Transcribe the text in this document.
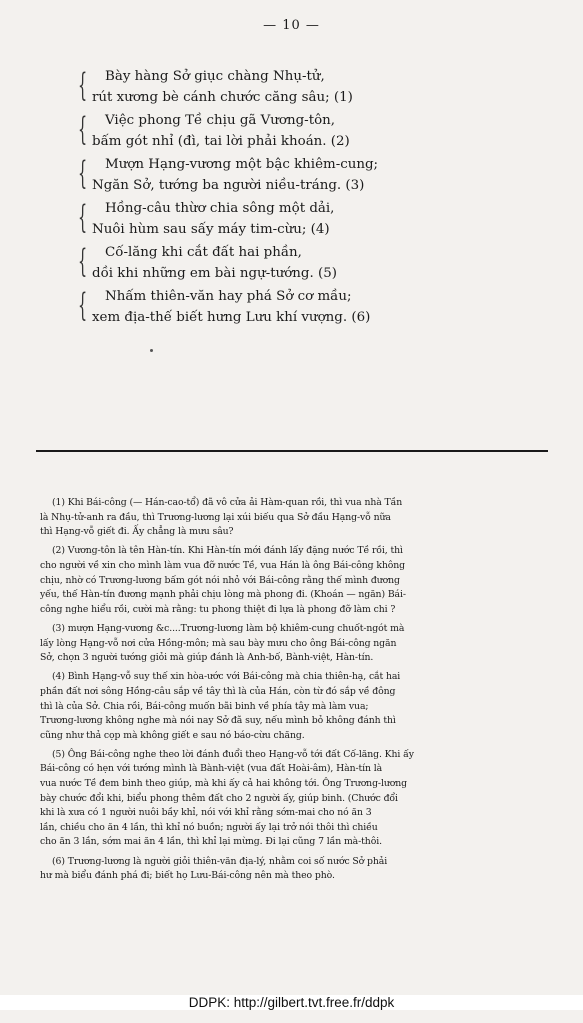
— 10 —
{	Bày hàng Sở giục chàng Nhụ-tử,
rút xương bè cánh chước căng sâu; (1)
{	Việc phong Tề chịu gã Vương-tôn,
bấm gót nhỉ (đì, tai lời phải khoán. (2)
{	Mượn Hạng-vương một bậc khiêm-cung;
Ngăn Sở, tướng ba người niều-tráng. (3)
{	Hồng-câu thừơ chia sông một dải,
Nuôi hùm sau sấy máy tim-cừu; (4)
{	Cố-lăng khi cắt đất hai phần,
dồi khi những em bài ngự-tướng. (5)
{	Nhấm thiên-văn hay phá Sở cơ mầu;
xem địa-thế biết hưng Lưu khí vượng. (6)
(1) Khi Bái-công (— Hán-cao-tổ) đã vô cửa ải Hàm-quan rồi, thì vua nhà Tần
là Nhụ-tử-anh ra đầu, thì Trương-lương lại xúi biếu qua Sở đầu Hạng-vỗ nữa
thì Hạng-vỗ giết đi. Ấy chẳng là mưu sâu?
(2) Vương-tôn là tên Hàn-tín. Khi Hàn-tín mới đánh lấy đặng nước Tề rồi, thì
cho người về xin cho mình làm vua đỡ nước Tề, vua Hán là ông Bái-công không
chịu, nhờ có Trương-lương bấm gót nói nhỏ với Bái-công rằng thế mình đương
yếu, thế Hàn-tín đương mạnh phải chịu lòng mà phong đi. (Khoán — ngăn) Bái-
công nghe hiểu rồi, cười mà rằng: tu phong thiệt đi lựa là phong đỡ làm chi ?
(3) mượn Hạng-vương &c....Trương-lương làm bộ khiêm-cung chuốt-ngót mà
lấy lòng Hạng-vỗ nơi cửa Hồng-môn; mà sau bày mưu cho ông Bái-công ngăn
Sở, chọn 3 người tướng giỏi mà giúp đánh là Anh-bố, Bành-việt, Hàn-tín.
(4) Bình Hạng-vỗ suy thế xin hòa-ước với Bái-công mà chia thiên-hạ, cắt hai
phần đất nơi sông Hồng-câu sắp về tây thì là của Hán, còn từ đó sắp về đông
thì là của Sở. Chia rồi, Bái-công muốn bãi binh về phía tây mà làm vua;
Trương-lương không nghe mà nói nay Sở đã suy, nếu mình bỏ không đánh thì
cũng như thả cọp mà không giết e sau nó báo-cừu chăng.
(5) Ông Bái-công nghe theo lời đánh đuổi theo Hạng-vỗ tới đất Cố-lăng. Khi ấy
Bái-công có hẹn với tướng mình là Bành-việt (vua đất Hoài-âm), Hàn-tín là
vua nước Tề đem binh theo giúp, mà khi ấy cả hai không tới. Ông Trương-lương
bày chước đổi khi, biểu phong thêm đất cho 2 người ấy, giúp binh. (Chước đổi
khi là xưa có 1 người nuôi bầy khỉ, nói với khỉ rằng sớm-mai cho nó ăn 3
lần, chiều cho ăn 4 lần, thì khỉ nó buồn; người ấy lại trở nói thôi thì chiều
cho ăn 3 lần, sớm mai ăn 4 lần, thì khỉ lại mừng. Đi lại cũng 7 lần mà-thôi.
(6) Trương-lương là người giỏi thiên-văn địa-lý, nhằm coi số nước Sở phải
hư mà biểu đánh phá đi; biết họ Lưu-Bái-công nên mà theo phò.
DDPK: http://gilbert.tvt.free.fr/ddpk
